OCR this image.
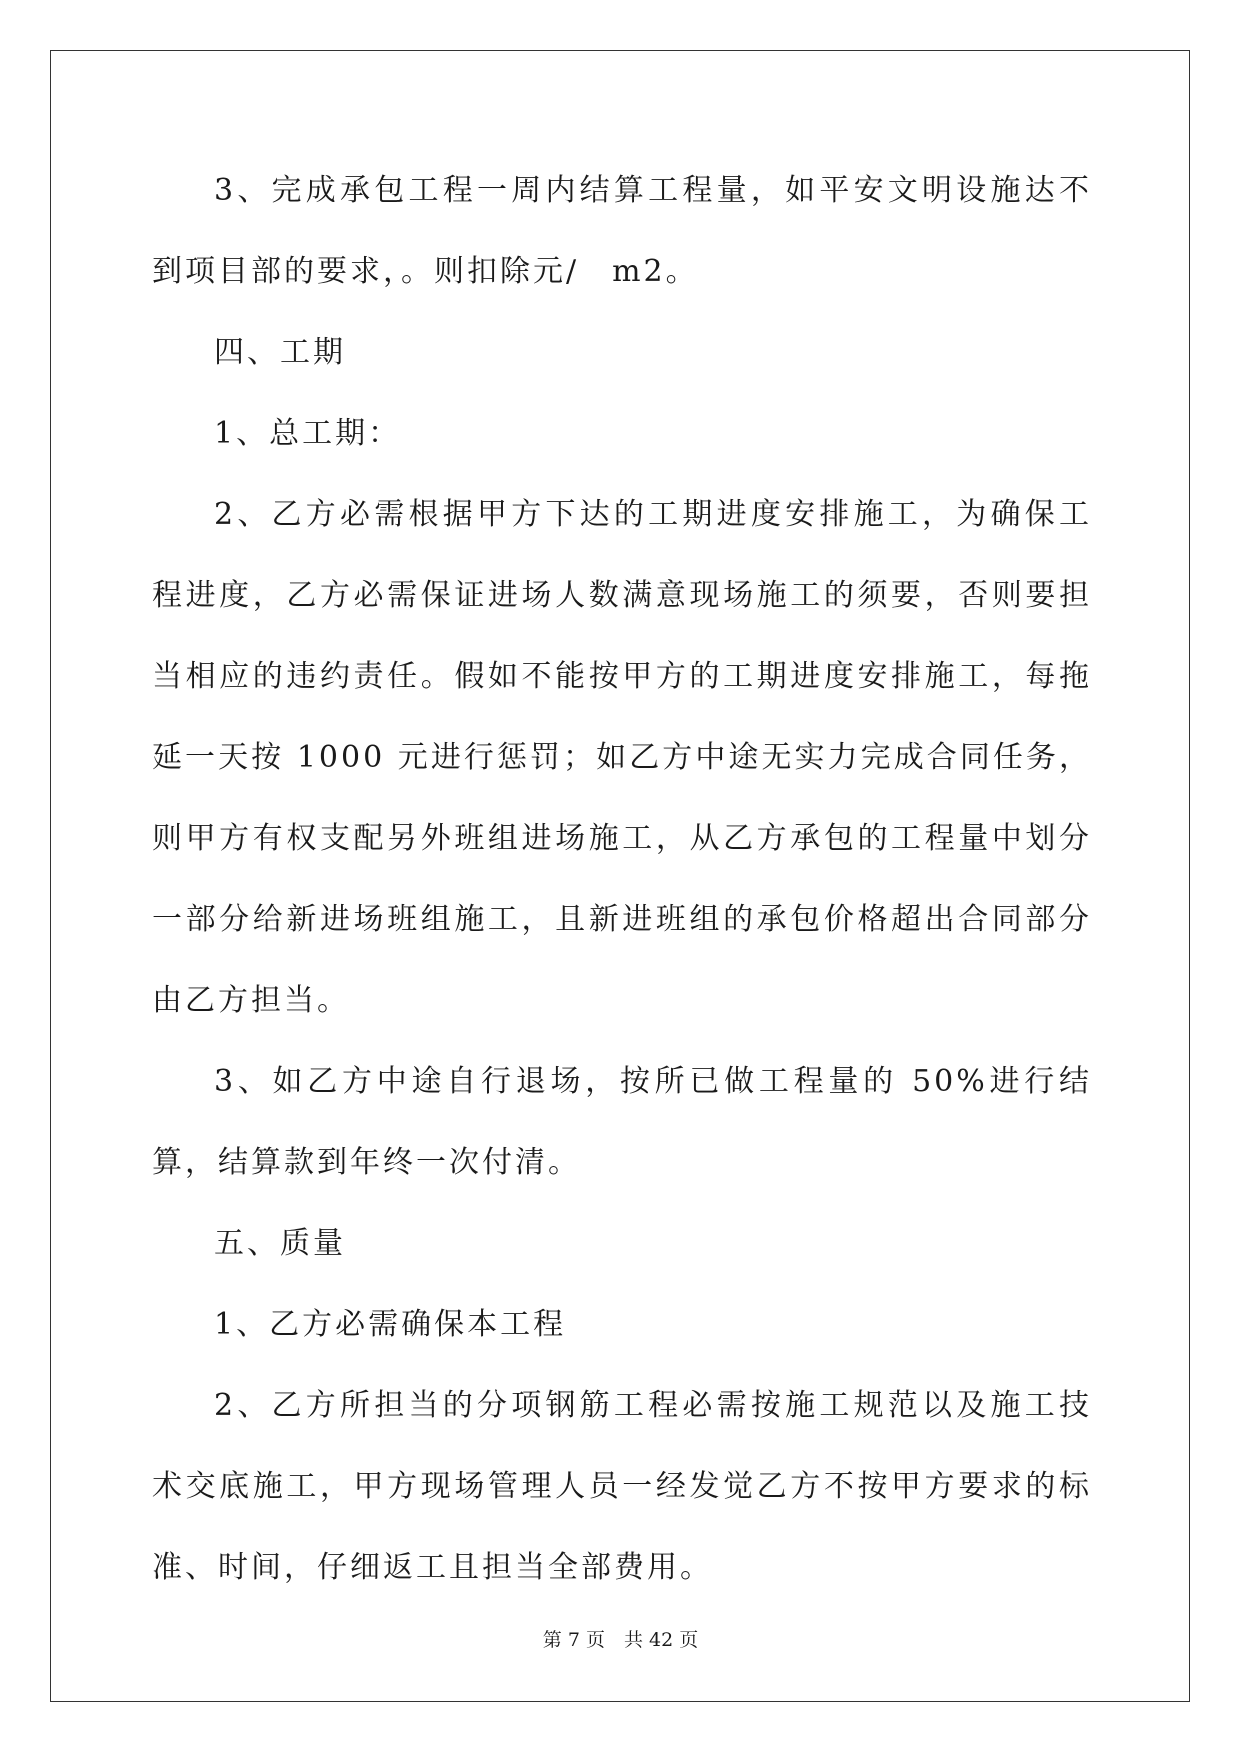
3、完成承包工程一周内结算工程量，如平安文明设施达不到项目部的要求，。则扣除元/　m2。

四、工期

1、总工期：

2、乙方必需根据甲方下达的工期进度安排施工，为确保工程进度，乙方必需保证进场人数满意现场施工的须要，否则要担当相应的违约责任。假如不能按甲方的工期进度安排施工，每拖延一天按 1000 元进行惩罚；如乙方中途无实力完成合同任务，则甲方有权支配另外班组进场施工，从乙方承包的工程量中划分一部分给新进场班组施工，且新进班组的承包价格超出合同部分由乙方担当。

3、如乙方中途自行退场，按所已做工程量的 50%进行结算，结算款到年终一次付清。

五、质量

1、乙方必需确保本工程

2、乙方所担当的分项钢筋工程必需按施工规范以及施工技术交底施工，甲方现场管理人员一经发觉乙方不按甲方要求的标准、时间，仔细返工且担当全部费用。

第 7 页　共 42 页
